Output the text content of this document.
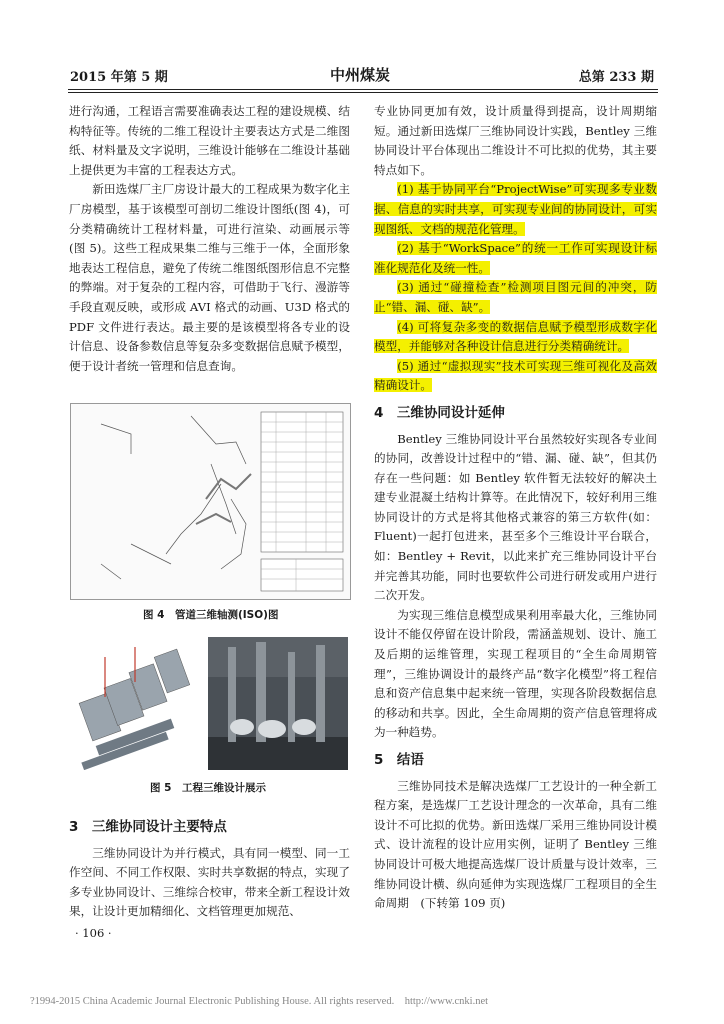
2015 年第 5 期	中州煤炭	总第 233 期

进行沟通，工程语言需要准确表达工程的建设规模、结构特征等。传统的二维工程设计主要表达方式是二维图纸、材料量及文字说明，三维设计能够在二维设计基础上提供更为丰富的工程表达方式。

新田选煤厂主厂房设计最大的工程成果为数字化主厂房模型，基于该模型可剖切二维设计图纸(图 4)，可分类精确统计工程材料量，可进行渲染、动画展示等(图 5)。这些工程成果集二维与三维于一体，全面形象地表达工程信息，避免了传统二维图纸图形信息不完整的弊端。对于复杂的工程内容，可借助于飞行、漫游等手段直观反映，或形成 AVI 格式的动画、U3D 格式的 PDF 文件进行表达。最主要的是该模型将各专业的设计信息、设备参数信息等复杂多变数据信息赋予模型，便于设计者统一管理和信息查询。

图 4　管道三维轴测(ISO)图
图 5　工程三维设计展示
3　三维协同设计主要特点

三维协同设计为并行模式，具有同一模型、同一工作空间、不同工作权限、实时共享数据的特点，实现了多专业协同设计、三维综合校审，带来全新工程设计效果，让设计更加精细化、文档管理更加规范、

· 106 ·

专业协同更加有效，设计质量得到提高，设计周期缩短。通过新田选煤厂三维协同设计实践，Bentley 三维协同设计平台体现出二维设计不可比拟的优势，其主要特点如下。

(1) 基于协同平台“ProjectWise”可实现多专业数据、信息的实时共享，可实现专业间的协同设计，可实现图纸、文档的规范化管理。

(2) 基于“WorkSpace”的统一工作可实现设计标准化规范化及统一性。

(3) 通过“碰撞检查”检测项目图元间的冲突，防止“错、漏、碰、缺”。

(4) 可将复杂多变的数据信息赋予模型形成数字化模型，并能够对各种设计信息进行分类精确统计。

(5) 通过“虚拟现实”技术可实现三维可视化及高效精确设计。

4　三维协同设计延伸

Bentley 三维协同设计平台虽然较好实现各专业间的协同，改善设计过程中的“错、漏、碰、缺”，但其仍存在一些问题：如 Bentley 软件暂无法较好的解决土建专业混凝土结构计算等。在此情况下，较好利用三维协同设计的方式是将其他格式兼容的第三方软件(如：Fluent)一起打包进来，甚至多个三维设计平台联合，如：Bentley + Revit，以此来扩充三维协同设计平台并完善其功能，同时也要软件公司进行研发或用户进行二次开发。

为实现三维信息模型成果利用率最大化，三维协同设计不能仅停留在设计阶段，需涵盖规划、设计、施工及后期的运维管理，实现工程项目的“全生命周期管理”，三维协调设计的最终产品“数字化模型”将工程信息和资产信息集中起来统一管理，实现各阶段数据信息的移动和共享。因此，全生命周期的资产信息管理将成为一种趋势。

5　结语

三维协同技术是解决选煤厂工艺设计的一种全新工程方案，是选煤厂工艺设计理念的一次革命，具有二维设计不可比拟的优势。新田选煤厂采用三维协同设计模式、设计流程的设计应用实例，证明了 Bentley 三维协同设计可极大地提高选煤厂设计质量与设计效率，三维协同设计横、纵向延伸为实现选煤厂工程项目的全生命周期　 (下转第 109 页)

?1994-2015 China Academic Journal Electronic Publishing House. All rights reserved.　http://www.cnki.net
